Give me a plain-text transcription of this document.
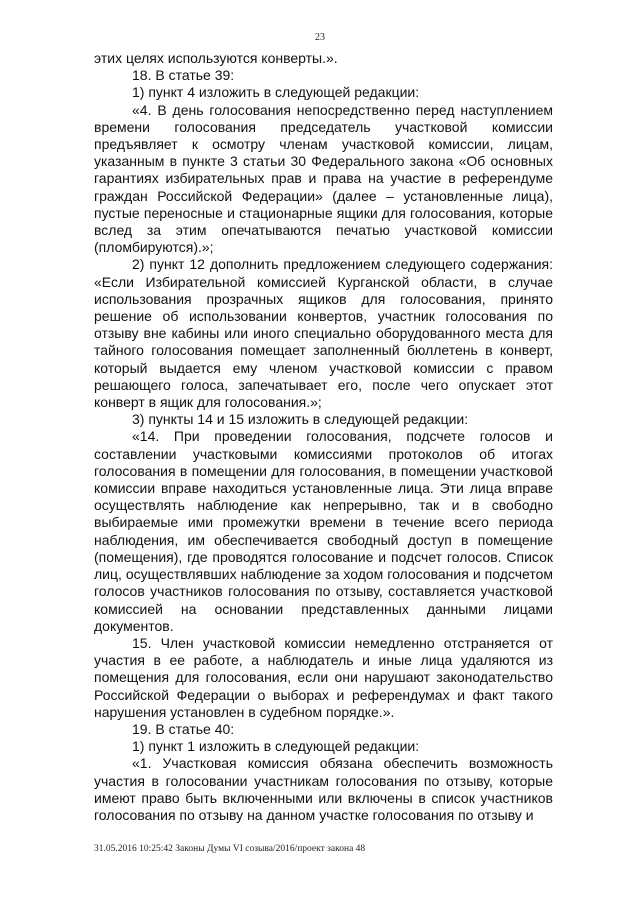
23

этих целях используются конверты.».

18. В статье 39:

1) пункт 4 изложить в следующей редакции:

«4. В день голосования непосредственно перед наступлением времени голосования председатель участковой комиссии предъявляет к осмотру членам участковой комиссии, лицам, указанным в пункте 3 статьи 30 Федерального закона «Об основных гарантиях избирательных прав и права на участие в референдуме граждан Российской Федерации» (далее – установленные лица), пустые переносные и стационарные ящики для голосования, которые вслед за этим опечатываются печатью участковой комиссии (пломбируются).»;

2) пункт 12 дополнить предложением следующего содержания: «Если Избирательной комиссией Курганской области, в случае использования прозрачных ящиков для голосования, принято решение об использовании конвертов, участник голосования по отзыву вне кабины или иного специально оборудованного места для тайного голосования помещает заполненный бюллетень в конверт, который выдается ему членом участковой комиссии с правом решающего голоса, запечатывает его, после чего опускает этот конверт в ящик для голосования.»;

3) пункты 14 и 15 изложить в следующей редакции:

«14. При проведении голосования, подсчете голосов и составлении участковыми комиссиями протоколов об итогах голосования в помещении для голосования, в помещении участковой комиссии вправе находиться установленные лица. Эти лица вправе осуществлять наблюдение как непрерывно, так и в свободно выбираемые ими промежутки времени в течение всего периода наблюдения, им обеспечивается свободный доступ в помещение (помещения), где проводятся голосование и подсчет голосов. Список лиц, осуществлявших наблюдение за ходом голосования и подсчетом голосов участников голосования по отзыву, составляется участковой комиссией на основании представленных данными лицами документов.

15. Член участковой комиссии немедленно отстраняется от участия в ее работе, а наблюдатель и иные лица удаляются из помещения для голосования, если они нарушают законодательство Российской Федерации о выборах и референдумах и факт такого нарушения установлен в судебном порядке.».

19. В статье 40:

1) пункт 1 изложить в следующей редакции:

«1. Участковая комиссия обязана обеспечить возможность участия в голосовании участникам голосования по отзыву, которые имеют право быть включенными или включены в список участников голосования по отзыву на данном участке голосования по отзыву и

31.05.2016 10:25:42 Законы Думы VI созыва/2016/проект закона 48
